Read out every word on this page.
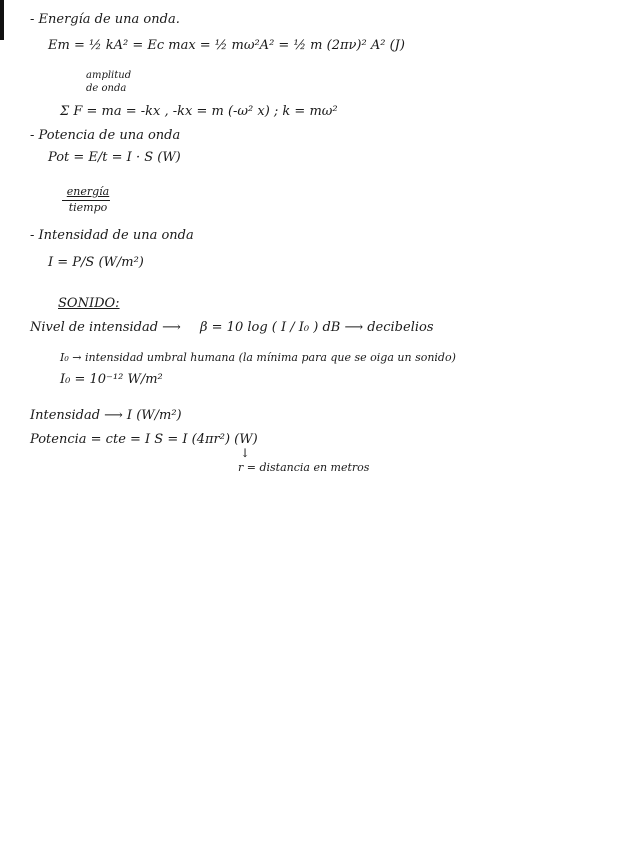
- Energía de una onda.
Em = ½ kA² = Ec max = ½ mω²A² = ½ m (2πν)² A² (J)
amplitud
de onda
Σ F = ma = -kx , -kx = m (-ω² x) ; k = mω²
- Potencia de una onda
Pot = E/t = I · S (W)
energía
tiempo
- Intensidad de una onda
I = P/S (W/m²)
SONIDO:
Nivel de intensidad ⟶ β = 10 log ( I / I₀ ) dB ⟶ decibelios
I₀ → intensidad umbral humana (la mínima para que se oiga un sonido)
I₀ = 10⁻¹² W/m²
Intensidad ⟶ I (W/m²)
Potencia = cte = I S = I (4πr²) (W)
↓
r = distancia en metros
